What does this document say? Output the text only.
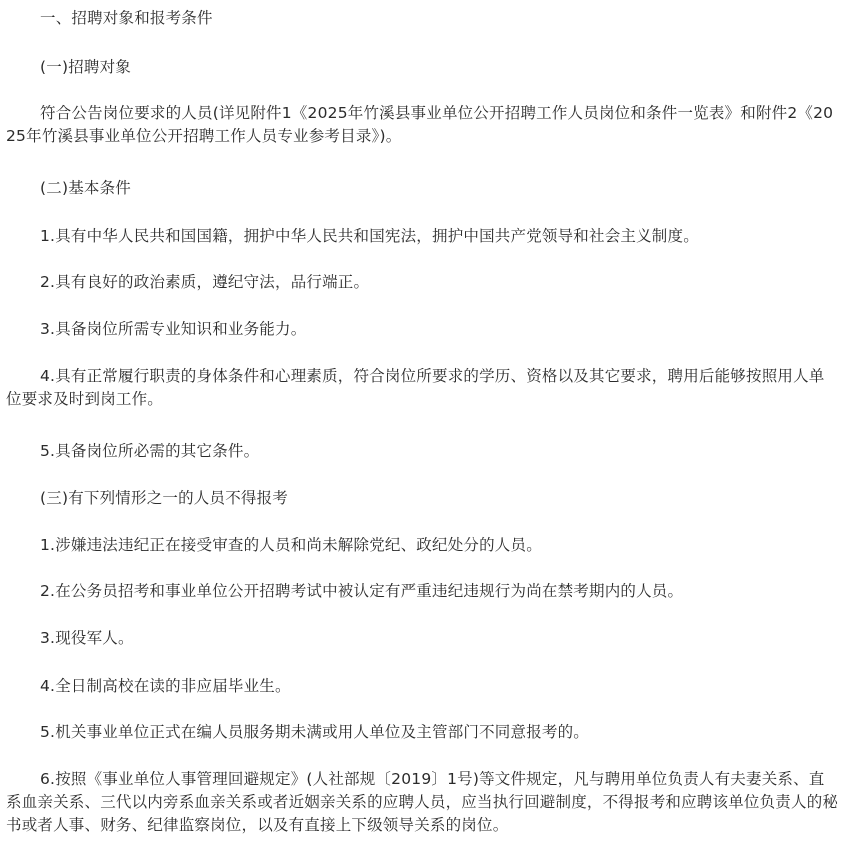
一、招聘对象和报考条件

(一)招聘对象

符合公告岗位要求的人员(详见附件1《2025年竹溪县事业单位公开招聘工作人员岗位和条件一览表》和附件2《2025年竹溪县事业单位公开招聘工作人员专业参考目录》)。

(二)基本条件

1.具有中华人民共和国国籍，拥护中华人民共和国宪法，拥护中国共产党领导和社会主义制度。

2.具有良好的政治素质，遵纪守法，品行端正。

3.具备岗位所需专业知识和业务能力。

4.具有正常履行职责的身体条件和心理素质，符合岗位所要求的学历、资格以及其它要求，聘用后能够按照用人单位要求及时到岗工作。

5.具备岗位所必需的其它条件。

(三)有下列情形之一的人员不得报考

1.涉嫌违法违纪正在接受审查的人员和尚未解除党纪、政纪处分的人员。

2.在公务员招考和事业单位公开招聘考试中被认定有严重违纪违规行为尚在禁考期内的人员。

3.现役军人。

4.全日制高校在读的非应届毕业生。

5.机关事业单位正式在编人员服务期未满或用人单位及主管部门不同意报考的。

6.按照《事业单位人事管理回避规定》(人社部规〔2019〕1号)等文件规定，凡与聘用单位负责人有夫妻关系、直系血亲关系、三代以内旁系血亲关系或者近姻亲关系的应聘人员，应当执行回避制度，不得报考和应聘该单位负责人的秘书或者人事、财务、纪律监察岗位，以及有直接上下级领导关系的岗位。
